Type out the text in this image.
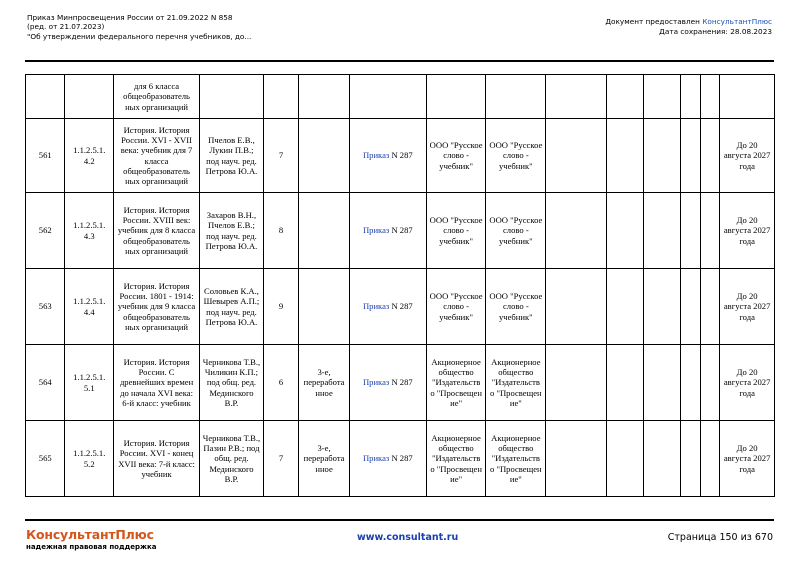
Приказ Минпросвещения России от 21.09.2022 N 858
(ред. от 21.07.2023)
"Об утверждении федерального перечня учебников, до...
Документ предоставлен КонсультантПлюс
Дата сохранения: 28.08.2023
		для 6 класса общеобразователь ных организаций												
561	1.1.2.5.1. 4.2	История. История России. XVI - XVII века: учебник для 7 класса общеобразователь ных организаций	Пчелов Е.В., Лукин П.В.; под науч. ред. Петрова Ю.А.	7		Приказ N 287	ООО "Русское слово - учебник"	ООО "Русское слово - учебник"						До 20 августа 2027 года
562	1.1.2.5.1. 4.3	История. История России. XVIII век: учебник для 8 класса общеобразователь ных организаций	Захаров В.Н., Пчелов Е.В.; под науч. ред. Петрова Ю.А.	8		Приказ N 287	ООО "Русское слово - учебник"	ООО "Русское слово - учебник"						До 20 августа 2027 года
563	1.1.2.5.1. 4.4	История. История России. 1801 - 1914: учебник для 9 класса общеобразователь ных организаций	Соловьев К.А., Шевырев А.П.; под науч. ред. Петрова Ю.А.	9		Приказ N 287	ООО "Русское слово - учебник"	ООО "Русское слово - учебник"						До 20 августа 2027 года
564	1.1.2.5.1. 5.1	История. История России. С древнейших времен до начала XVI века: 6-й класс: учебник	Черникова Т.В., Чиликин К.П.; под общ. ред. Мединского В.Р.	6	3-е, переработа нное	Приказ N 287	Акционерное общество "Издательств о "Просвещен ие"	Акционерное общество "Издательств о "Просвещен ие"						До 20 августа 2027 года
565	1.1.2.5.1. 5.2	История. История России. XVI - конец XVII века: 7-й класс: учебник	Черникова Т.В., Пазин Р.В.; под общ. ред. Мединского В.Р.	7	3-е, переработа нное	Приказ N 287	Акционерное общество "Издательств о "Просвещен ие"	Акционерное общество "Издательств о "Просвещен ие"						До 20 августа 2027 года
КонсультантПлюс
надежная правовая поддержка
www.consultant.ru	Страница 150 из 670
